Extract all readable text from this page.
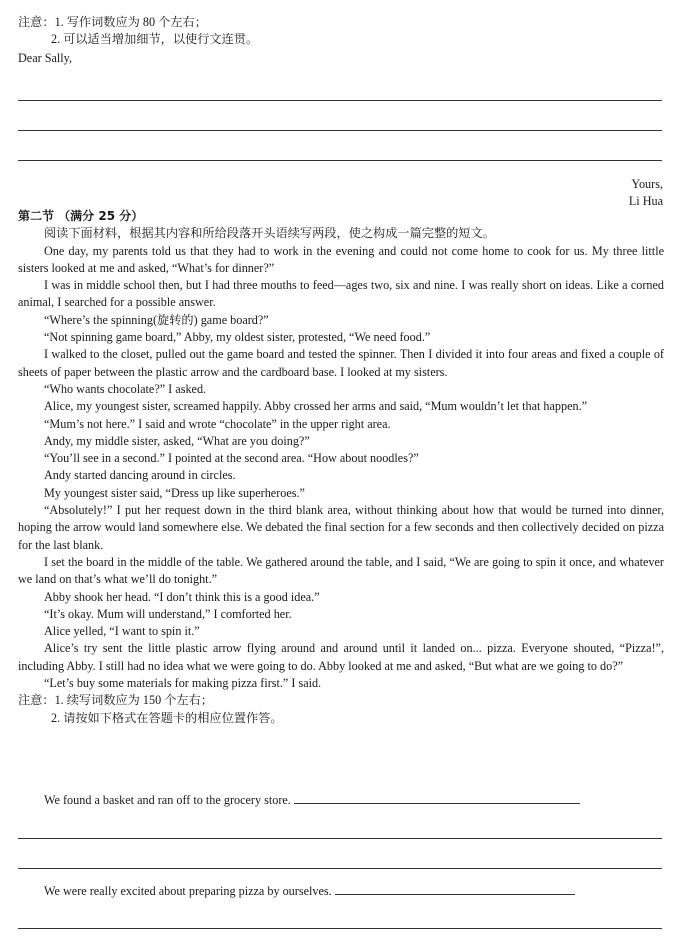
注意：1. 写作词数应为 80 个左右；

2. 可以适当增加细节，以使行文连贯。

Dear Sally,

Yours,

Li Hua

第二节 （满分 25 分）

阅读下面材料，根据其内容和所给段落开头语续写两段，使之构成一篇完整的短文。

One day, my parents told us that they had to work in the evening and could not come home to cook for us. My three little sisters looked at me and asked, “What’s for dinner?”

I was in middle school then, but I had three mouths to feed—ages two, six and nine. I was really short on ideas. Like a corned animal, I searched for a possible answer.

“Where’s the spinning(旋转的) game board?”

“Not spinning game board,” Abby, my oldest sister, protested, “We need food.”

I walked to the closet, pulled out the game board and tested the spinner. Then I divided it into four areas and fixed a couple of sheets of paper between the plastic arrow and the cardboard base. I looked at my sisters.

“Who wants chocolate?” I asked.

Alice, my youngest sister, screamed happily. Abby crossed her arms and said, “Mum wouldn’t let that happen.”

“Mum’s not here.” I said and wrote “chocolate” in the upper right area.

Andy, my middle sister, asked, “What are you doing?”

“You’ll see in a second.” I pointed at the second area. “How about noodles?”

Andy started dancing around in circles.

My youngest sister said, “Dress up like superheroes.”

“Absolutely!” I put her request down in the third blank area, without thinking about how that would be turned into dinner, hoping the arrow would land somewhere else. We debated the final section for a few seconds and then collectively decided on pizza for the last blank.

I set the board in the middle of the table. We gathered around the table, and I said, “We are going to spin it once, and whatever we land on that’s what we’ll do tonight.”

Abby shook her head. “I don’t think this is a good idea.”

“It’s okay. Mum will understand,” I comforted her.

Alice yelled, “I want to spin it.”

Alice’s try sent the little plastic arrow flying around and around until it landed on... pizza. Everyone shouted, “Pizza!”, including Abby. I still had no idea what we were going to do. Abby looked at me and asked, “But what are we going to do?”

“Let’s buy some materials for making pizza first.” I said.

注意：1. 续写词数应为 150 个左右；

2. 请按如下格式在答题卡的相应位置作答。

We found a basket and ran off to the grocery store.
We were really excited about preparing pizza by ourselves.
